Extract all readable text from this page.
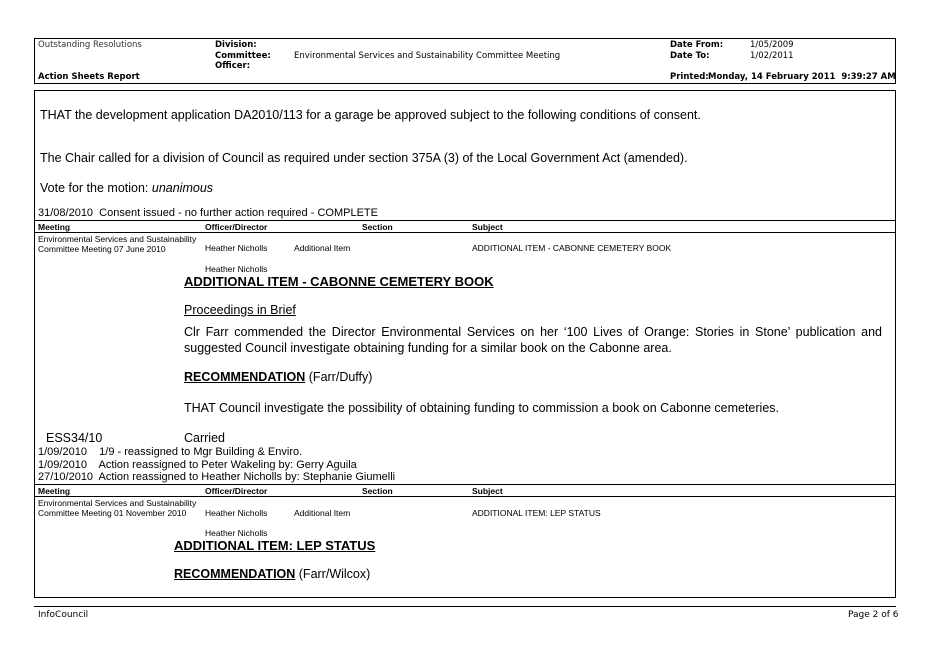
Outstanding Resolutions
Action Sheets Report
Division:
Committee:	Environmental Services and Sustainability Committee Meeting
Officer:
Date From:	1/05/2009
Date To:	1/02/2011
Printed: Monday, 14 February 2011  9:39:27 AM
THAT the development application DA2010/113 for a garage be approved subject to the following conditions of consent.
The Chair called for a division of Council as required under section 375A (3) of the Local Government Act (amended).
Vote for the motion: unanimous
31/08/2010  Consent issued - no further action required - COMPLETE
Meeting	Officer/Director	Section	Subject
Environmental Services and Sustainability Committee Meeting 07 June 2010	Heather Nicholls	Additional Item	ADDITIONAL ITEM - CABONNE CEMETERY BOOK
Heather Nicholls
ADDITIONAL ITEM - CABONNE CEMETERY BOOK
Proceedings in Brief
Clr Farr commended the Director Environmental Services on her ‘100 Lives of Orange: Stories in Stone’ publication and suggested Council investigate obtaining funding for a similar book on the Cabonne area.
RECOMMENDATION (Farr/Duffy)
THAT Council investigate the possibility of obtaining funding to commission a book on Cabonne cemeteries.
ESS34/10	Carried
1/09/2010    1/9 - reassigned to Mgr Building & Enviro.
1/09/2010    Action reassigned to Peter Wakeling by: Gerry Aguila
27/10/2010  Action reassigned to Heather Nicholls by: Stephanie Giumelli
Meeting	Officer/Director	Section	Subject
Environmental Services and Sustainability Committee Meeting 01 November 2010	Heather Nicholls	Additional Item	ADDITIONAL ITEM: LEP STATUS
Heather Nicholls
ADDITIONAL ITEM: LEP STATUS
RECOMMENDATION (Farr/Wilcox)
InfoCouncil	Page 2 of 6
